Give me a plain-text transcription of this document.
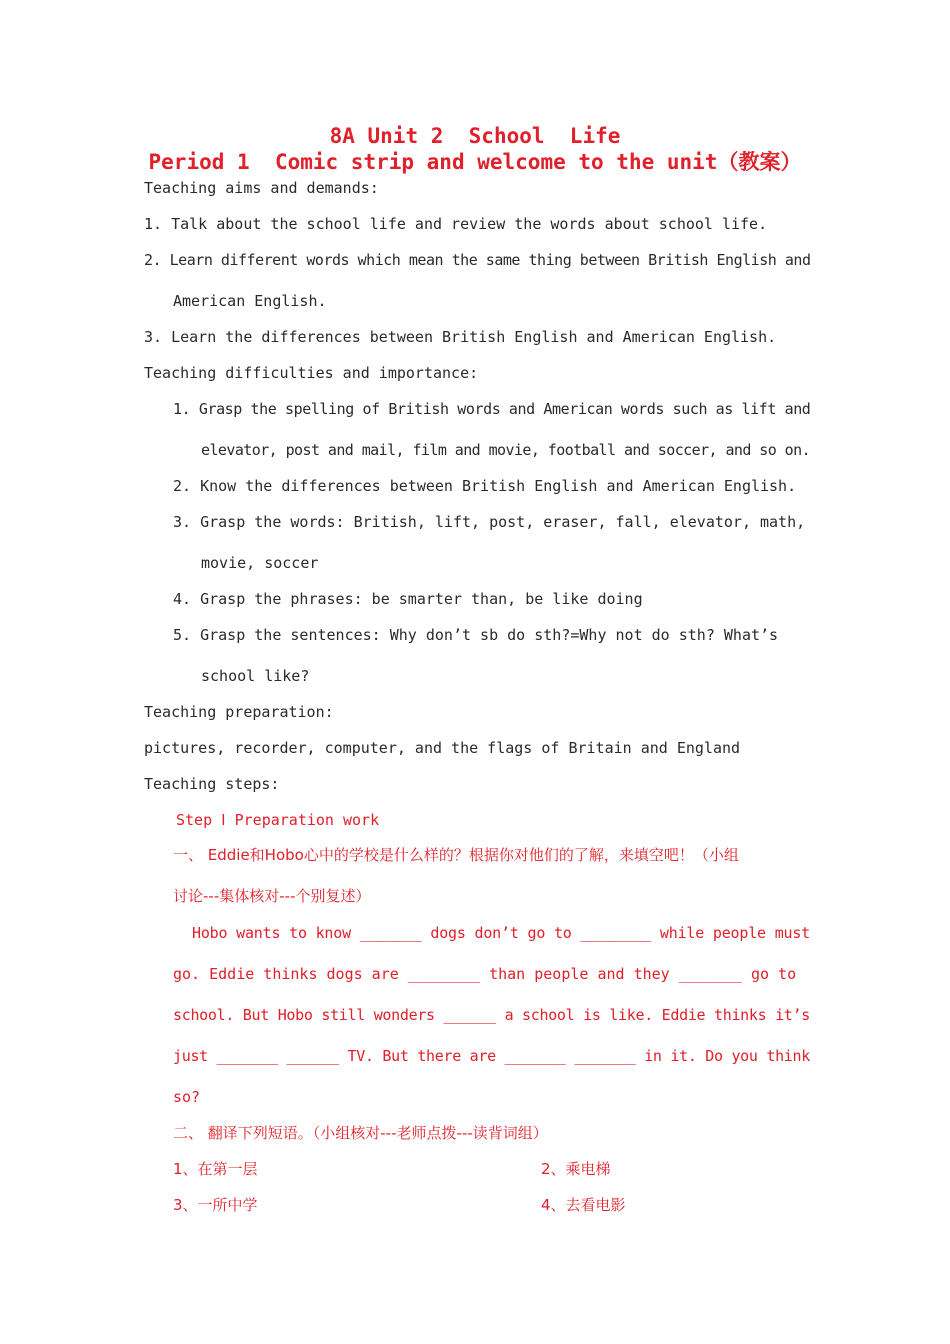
8A Unit 2  School  Life
Period 1  Comic strip and welcome to the unit（教案）
Teaching aims and demands:
1. Talk about the school life and review the words about school life.
2. Learn different words which mean the same thing between British English and
American English.
3. Learn the differences between British English and American English.
Teaching difficulties and importance:
1. Grasp the spelling of British words and American words such as lift and
elevator, post and mail, film and movie, football and soccer, and so on.
2. Know the differences between British English and American English.
3. Grasp the words: British, lift, post, eraser, fall, elevator, math,
movie, soccer
4. Grasp the phrases: be smarter than, be like doing
5. Grasp the sentences: Why don’t sb do sth?=Why not do sth? What’s
school like?
Teaching preparation:
pictures, recorder, computer, and the flags of Britain and England
Teaching steps:
Step Ⅰ Preparation work
一、 Eddie和Hobo心中的学校是什么样的？根据你对他们的了解，来填空吧！（小组
讨论---集体核对---个别复述）
Hobo wants to know _______ dogs don’t go to ________ while people must
go. Eddie thinks dogs are ________ than people and they _______ go to
school. But Hobo still wonders ______ a school is like. Eddie thinks it’s
just _______ ______ TV. But there are _______ _______ in it. Do you think
so?
二、 翻译下列短语。（小组核对---老师点拨---读背词组）
1、在第一层	2、乘电梯
3、一所中学	4、去看电影
